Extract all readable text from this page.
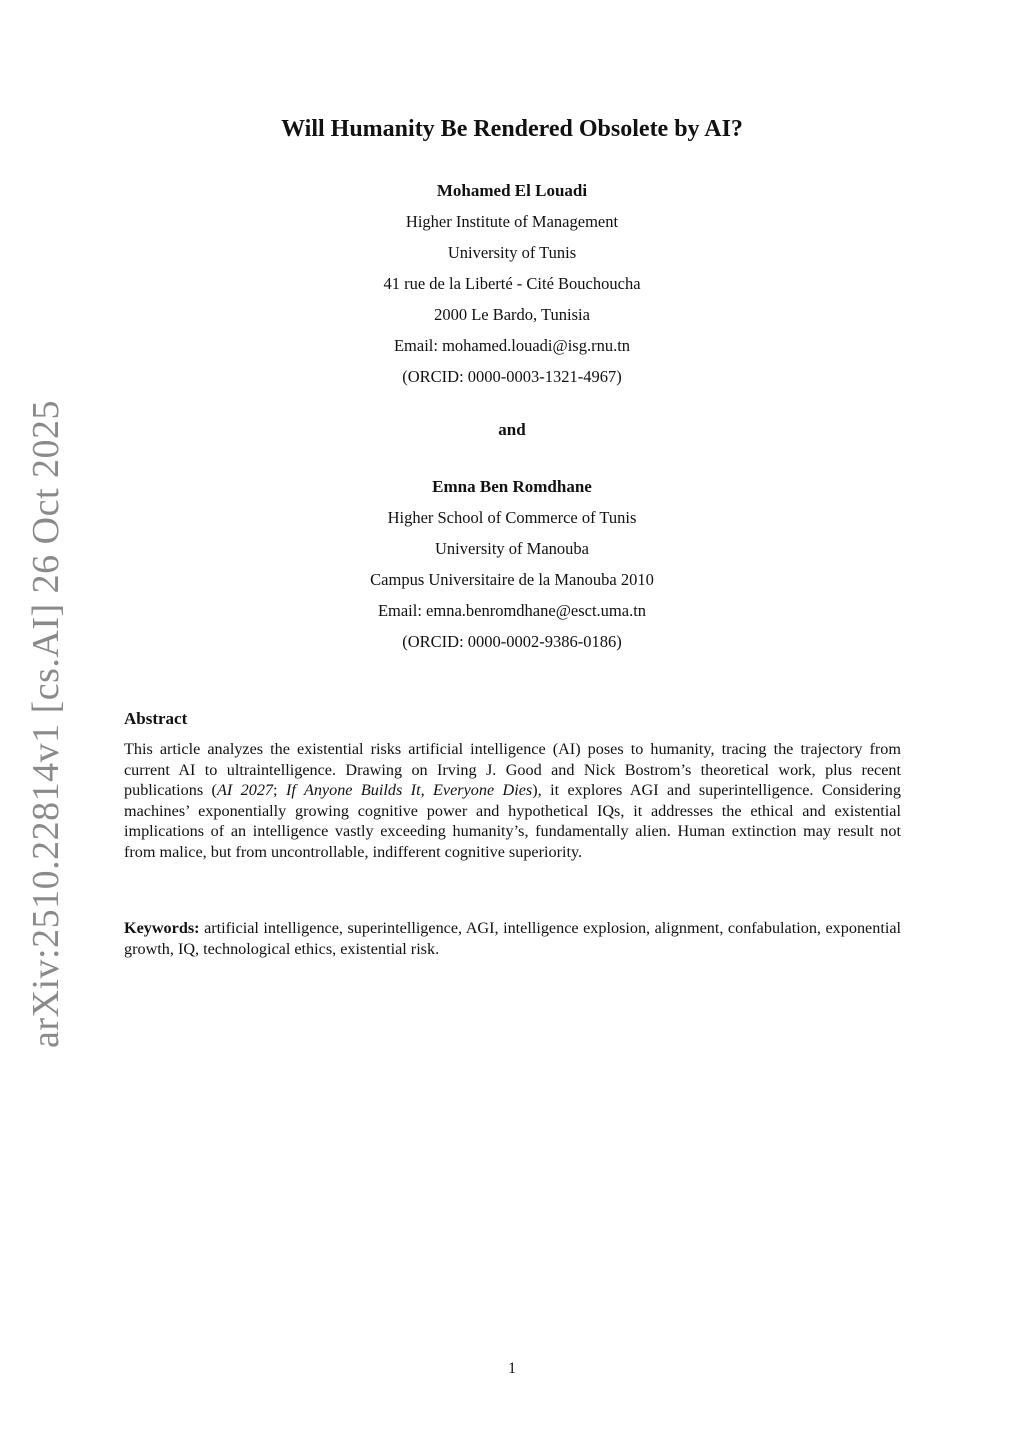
arXiv:2510.22814v1 [cs.AI] 26 Oct 2025
Will Humanity Be Rendered Obsolete by AI?
Mohamed El Louadi
Higher Institute of Management
University of Tunis
41 rue de la Liberté - Cité Bouchoucha
2000 Le Bardo, Tunisia
Email: mohamed.louadi@isg.rnu.tn
(ORCID: 0000-0003-1321-4967)
and
Emna Ben Romdhane
Higher School of Commerce of Tunis
University of Manouba
Campus Universitaire de la Manouba 2010
Email: emna.benromdhane@esct.uma.tn
(ORCID: 0000-0002-9386-0186)
Abstract
This article analyzes the existential risks artificial intelligence (AI) poses to humanity, tracing the trajectory from current AI to ultraintelligence. Drawing on Irving J. Good and Nick Bostrom’s theoretical work, plus recent publications (AI 2027; If Anyone Builds It, Everyone Dies), it explores AGI and superintelligence. Considering machines’ exponentially growing cognitive power and hypothetical IQs, it addresses the ethical and existential implications of an intelligence vastly exceeding humanity’s, fundamentally alien. Human extinction may result not from malice, but from uncontrollable, indifferent cognitive superiority.
Keywords: artificial intelligence, superintelligence, AGI, intelligence explosion, alignment, confabulation, exponential growth, IQ, technological ethics, existential risk.
1
